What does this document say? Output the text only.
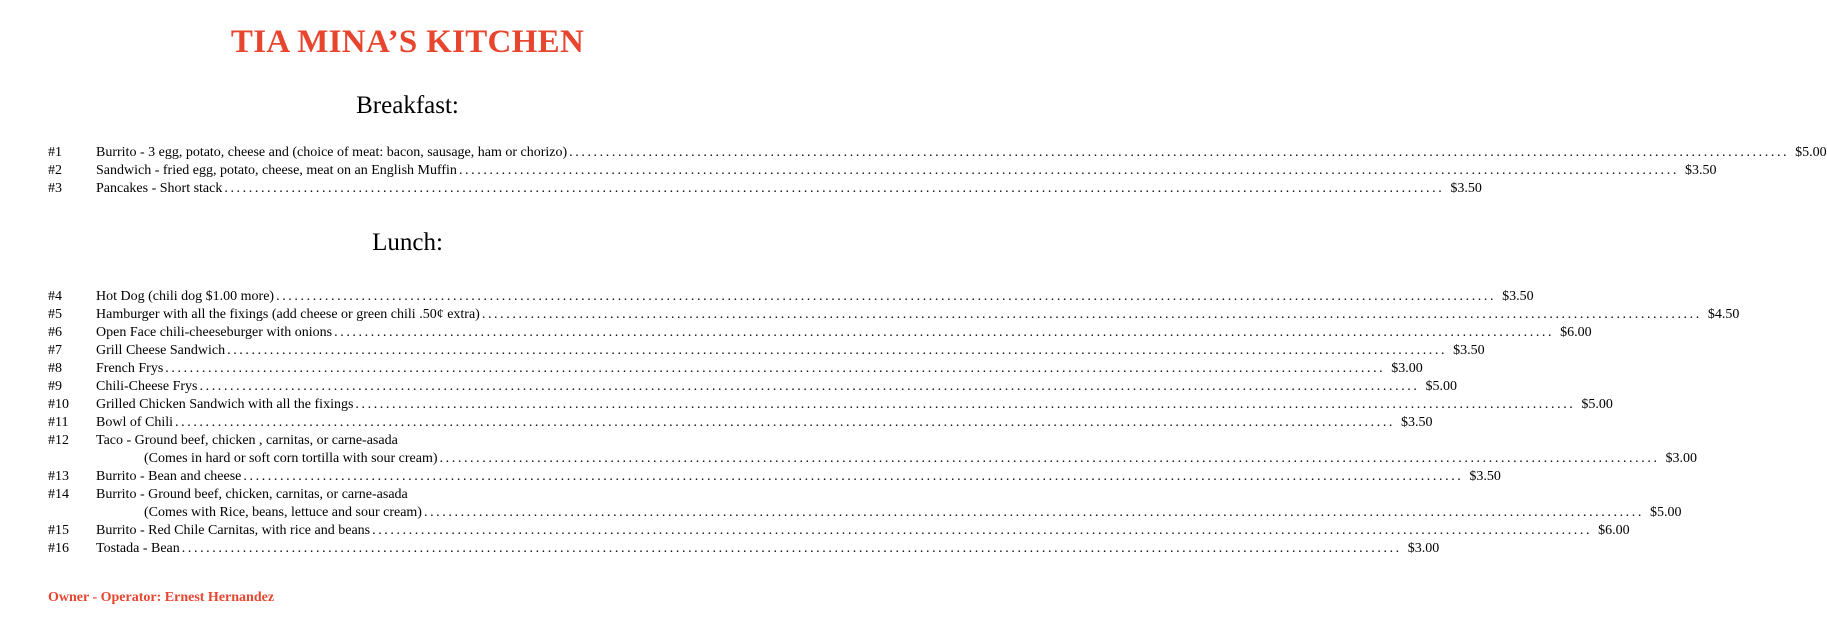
TIA MINA’S KITCHEN
Breakfast:
#1 Burrito - 3 egg, potato, cheese and (choice of meat: bacon, sausage, ham or chorizo) ........................................................................................................................................................................................................ $5.00
#2 Sandwich - fried egg, potato, cheese, meat on an English Muffin ........................................................................................................................................................................................................ $3.50
#3 Pancakes - Short stack ........................................................................................................................................................................................................ $3.50
Lunch:
#4 Hot Dog (chili dog $1.00 more) ........................................................................................................................................................................................................ $3.50
#5 Hamburger with all the fixings (add cheese or green chili .50¢ extra) ........................................................................................................................................................................................................ $4.50
#6 Open Face chili-cheeseburger with onions ........................................................................................................................................................................................................ $6.00
#7 Grill Cheese Sandwich ........................................................................................................................................................................................................ $3.50
#8 French Frys ........................................................................................................................................................................................................ $3.00
#9 Chili-Cheese Frys ........................................................................................................................................................................................................ $5.00
#10 Grilled Chicken Sandwich with all the fixings ........................................................................................................................................................................................................ $5.00
#11 Bowl of Chili ........................................................................................................................................................................................................ $3.50
#12 Taco - Ground beef, chicken , carnitas, or carne-asada
(Comes in hard or soft corn tortilla with sour cream) ........................................................................................................................................................................................................ $3.00
#13 Burrito - Bean and cheese ........................................................................................................................................................................................................ $3.50
#14 Burrito - Ground beef, chicken, carnitas, or carne-asada
(Comes with Rice, beans, lettuce and sour cream) ........................................................................................................................................................................................................ $5.00
#15 Burrito - Red Chile Carnitas, with rice and beans ........................................................................................................................................................................................................ $6.00
#16 Tostada - Bean ........................................................................................................................................................................................................ $3.00
Owner - Operator: Ernest Hernandez
